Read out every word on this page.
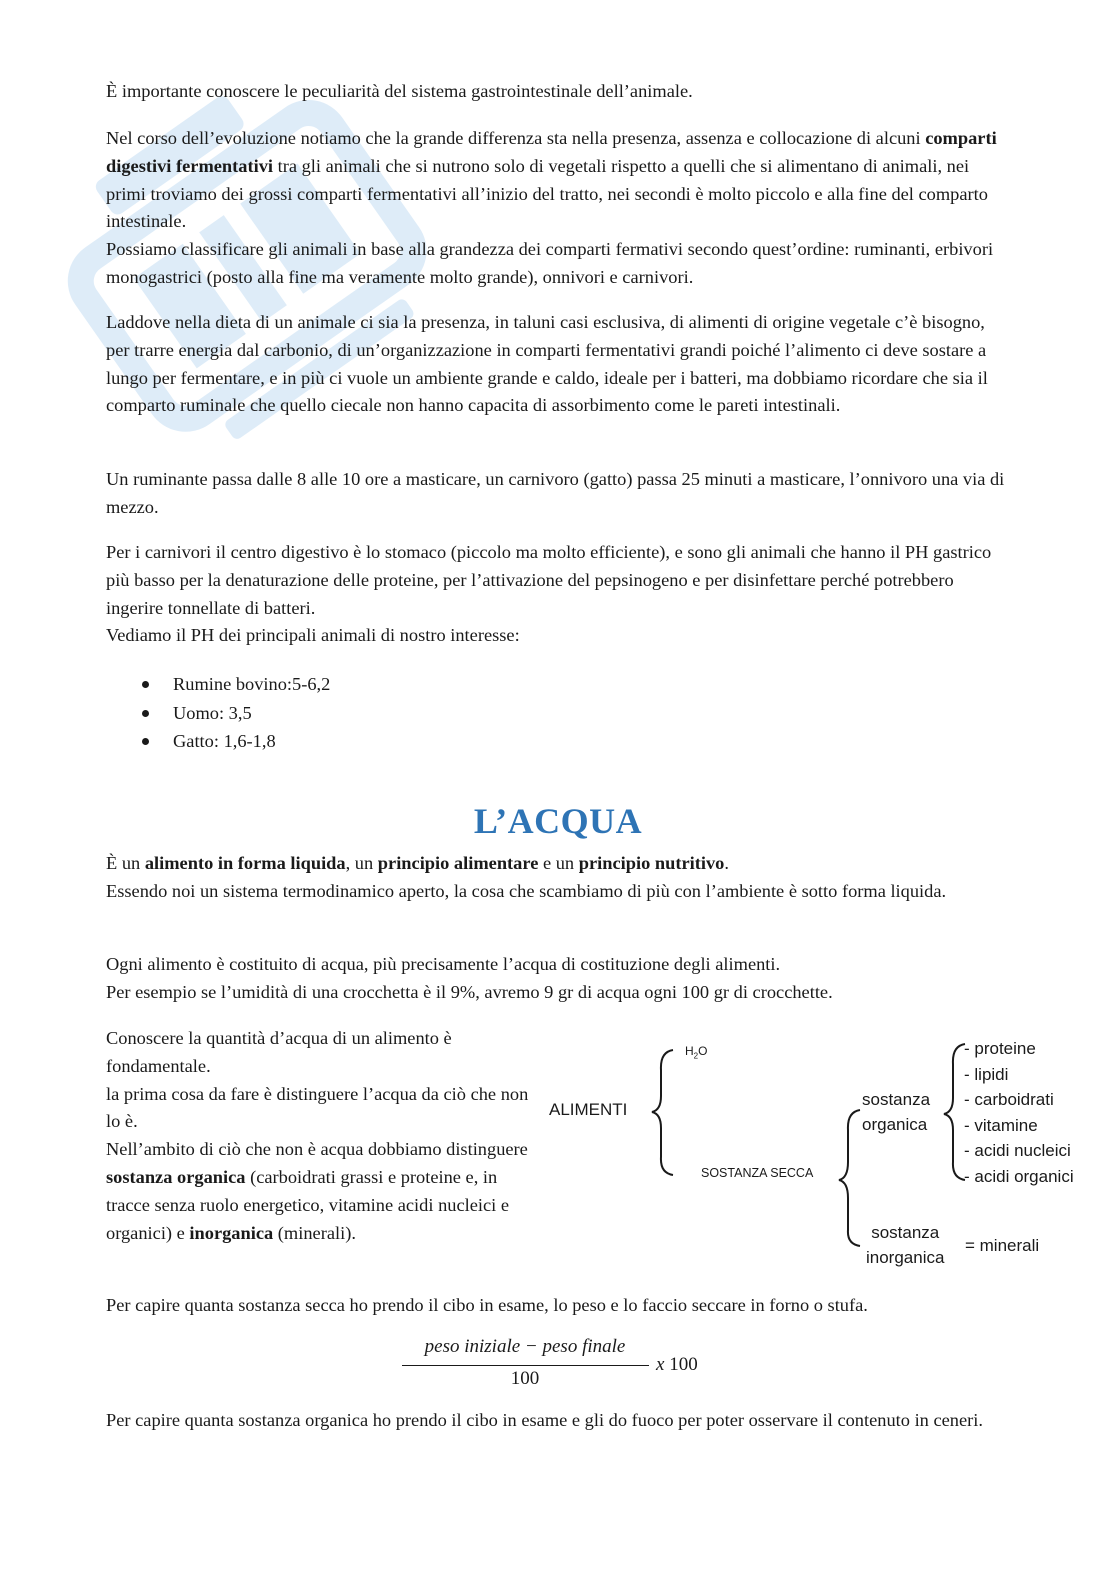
È importante conoscere le peculiarità del sistema gastrointestinale dell’animale.

Nel corso dell’evoluzione notiamo che la grande differenza sta nella presenza, assenza e collocazione di alcuni comparti digestivi fermentativi tra gli animali che si nutrono solo di vegetali rispetto a quelli che si alimentano di animali, nei primi troviamo dei grossi comparti fermentativi all’inizio del tratto, nei secondi è molto piccolo e alla fine del comparto intestinale.
Possiamo classificare gli animali in base alla grandezza dei comparti fermativi secondo quest’ordine: ruminanti, erbivori monogastrici (posto alla fine ma veramente molto grande), onnivori e carnivori.

Laddove nella dieta di un animale ci sia la presenza, in taluni casi esclusiva, di alimenti di origine vegetale c’è bisogno, per trarre energia dal carbonio, di un’organizzazione in comparti fermentativi grandi poiché l’alimento ci deve sostare a lungo per fermentare, e in più ci vuole un ambiente grande e caldo, ideale per i batteri, ma dobbiamo ricordare che sia il comparto ruminale che quello ciecale non hanno capacita di assorbimento come le pareti intestinali.

Un ruminante passa dalle 8 alle 10 ore a masticare, un carnivoro (gatto) passa 25 minuti a masticare, l’onnivoro una via di mezzo.

Per i carnivori il centro digestivo è lo stomaco (piccolo ma molto efficiente), e sono gli animali che hanno il PH gastrico più basso per la denaturazione delle proteine, per l’attivazione del pepsinogeno e per disinfettare perché potrebbero ingerire tonnellate di batteri.
Vediamo il PH dei principali animali di nostro interesse:

Rumine bovino:5-6,2
Uomo: 3,5
Gatto: 1,6-1,8
L’ACQUA

È un alimento in forma liquida, un principio alimentare e un principio nutritivo.
Essendo noi un sistema termodinamico aperto, la cosa che scambiamo di più con l’ambiente è sotto forma liquida.

Ogni alimento è costituito di acqua, più precisamente l’acqua di costituzione degli alimenti.
Per esempio se l’umidità di una crocchetta è il 9%, avremo 9 gr di acqua ogni 100 gr di crocchette.

Conoscere la quantità d’acqua di un alimento è fondamentale.
la prima cosa da fare è distinguere l’acqua da ciò che non lo è.
Nell’ambito di ciò che non è acqua dobbiamo distinguere sostanza organica (carboidrati grassi e proteine e, in tracce senza ruolo energetico, vitamine acidi nucleici e organici) e inorganica (minerali).

ALIMENTI
$H_2O$
SOSTANZA SECCA
sostanza
organica
- proteine
- lipidi
- carboidrati
- vitamine
- acidi nucleici
- acidi organici
sostanza
inorganica
= minerali

Per capire quanta sostanza secca ho prendo il cibo in esame, lo peso e lo faccio seccare in forno o stufa.

peso iniziale − peso finale
100
x 100

Per capire quanta sostanza organica ho prendo il cibo in esame e gli do fuoco per poter osservare il contenuto in ceneri.
